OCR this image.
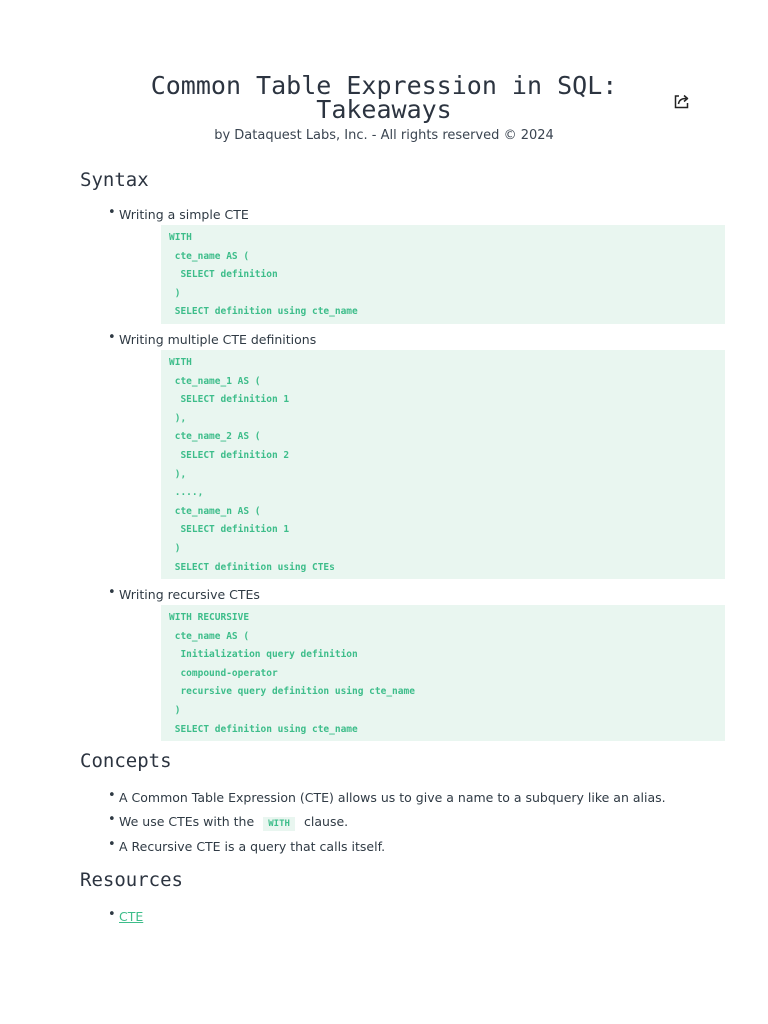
Common Table Expression in SQL: Takeaways
by Dataquest Labs, Inc. - All rights reserved © 2024
Syntax
• Writing a simple CTE
WITH
cte_name AS (
SELECT definition
)
SELECT definition using cte_name
• Writing multiple CTE definitions
WITH
cte_name_1 AS (
SELECT definition 1
),
cte_name_2 AS (
SELECT definition 2
),
....,
cte_name_n AS (
SELECT definition 1
)
SELECT definition using CTEs
• Writing recursive CTEs
WITH RECURSIVE
cte_name AS (
Initialization query definition
compound-operator
recursive query definition using cte_name
)
SELECT definition using cte_name
Concepts
• A Common Table Expression (CTE) allows us to give a name to a subquery like an alias.
• We use CTEs with the WITH clause.
• A Recursive CTE is a query that calls itself.
Resources
• CTE
